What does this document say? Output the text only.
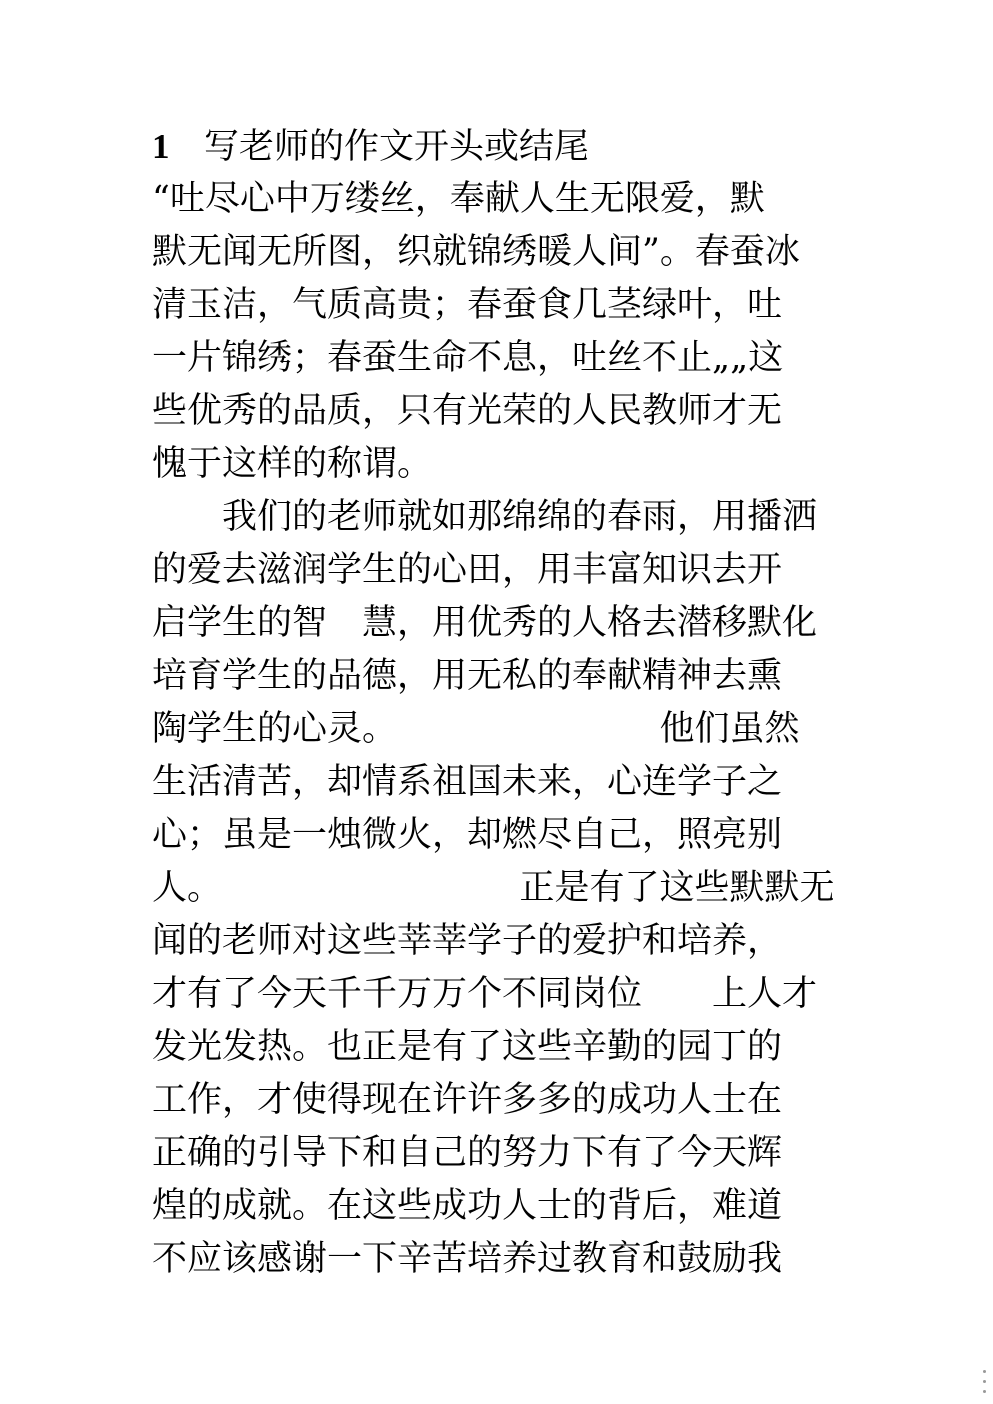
1 写老师的作文开头或结尾
“吐尽心中万缕丝，奉献人生无限爱，默
默无闻无所图，织就锦绣暖人间”。春蚕冰
清玉洁，气质高贵；春蚕食几茎绿叶，吐
一片锦绣；春蚕生命不息，吐丝不止„„这
些优秀的品质，只有光荣的人民教师才无
愧于这样的称谓。
　　我们的老师就如那绵绵的春雨，用播洒
的爱去滋润学生的心田，用丰富知识去开
启学生的智　慧，用优秀的人格去潜移默化
培育学生的品德，用无私的奉献精神去熏
陶学生的心灵。　　　　　　　　他们虽然
生活清苦，却情系祖国未来，心连学子之
心；虽是一烛微火，却燃尽自己，照亮别
人。　　　　　　　　　正是有了这些默默无
闻的老师对这些莘莘学子的爱护和培养，
才有了今天千千万万个不同岗位　　上人才
发光发热。也正是有了这些辛勤的园丁的
工作，才使得现在许许多多的成功人士在
正确的引导下和自己的努力下有了今天辉
煌的成就。在这些成功人士的背后，难道
不应该感谢一下辛苦培养过教育和鼓励我
